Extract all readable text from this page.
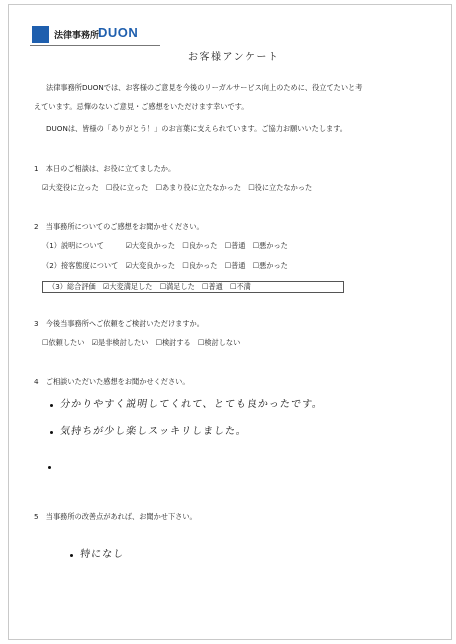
法律事務所
DUON
お客様アンケート
法律事務所DUONでは、お客様のご意見を今後のリーガルサービス向上のために、役立てたいと考
えています。忌憚のないご意見・ご感想をいただけます幸いです。
DUONは、皆様の「ありがとう！」のお言葉に支えられています。ご協力お願いいたします。
1　本日のご相談は、お役に立てましたか。
☑大変役に立った　☐役に立った　☐あまり役に立たなかった　☐役に立たなかった
2　当事務所についてのご感想をお聞かせください。
（1）説明について　　　☑大変良かった　☐良かった　☐普通　☐悪かった
（2）接客態度について　☑大変良かった　☐良かった　☐普通　☐悪かった
（3）総合評価　☑大変満足した　☐満足した　☐普通　☐不満
3　今後当事務所へご依頼をご検討いただけますか。
☐依頼したい　☑是非検討したい　☐検討する　☐検討しない
4　ご相談いただいた感想をお聞かせください。
分かりやすく説明してくれて、とても良かったです。
気持ちが少し楽しスッキリしました。
5　当事務所の改善点があれば、お聞かせ下さい。
特になし
